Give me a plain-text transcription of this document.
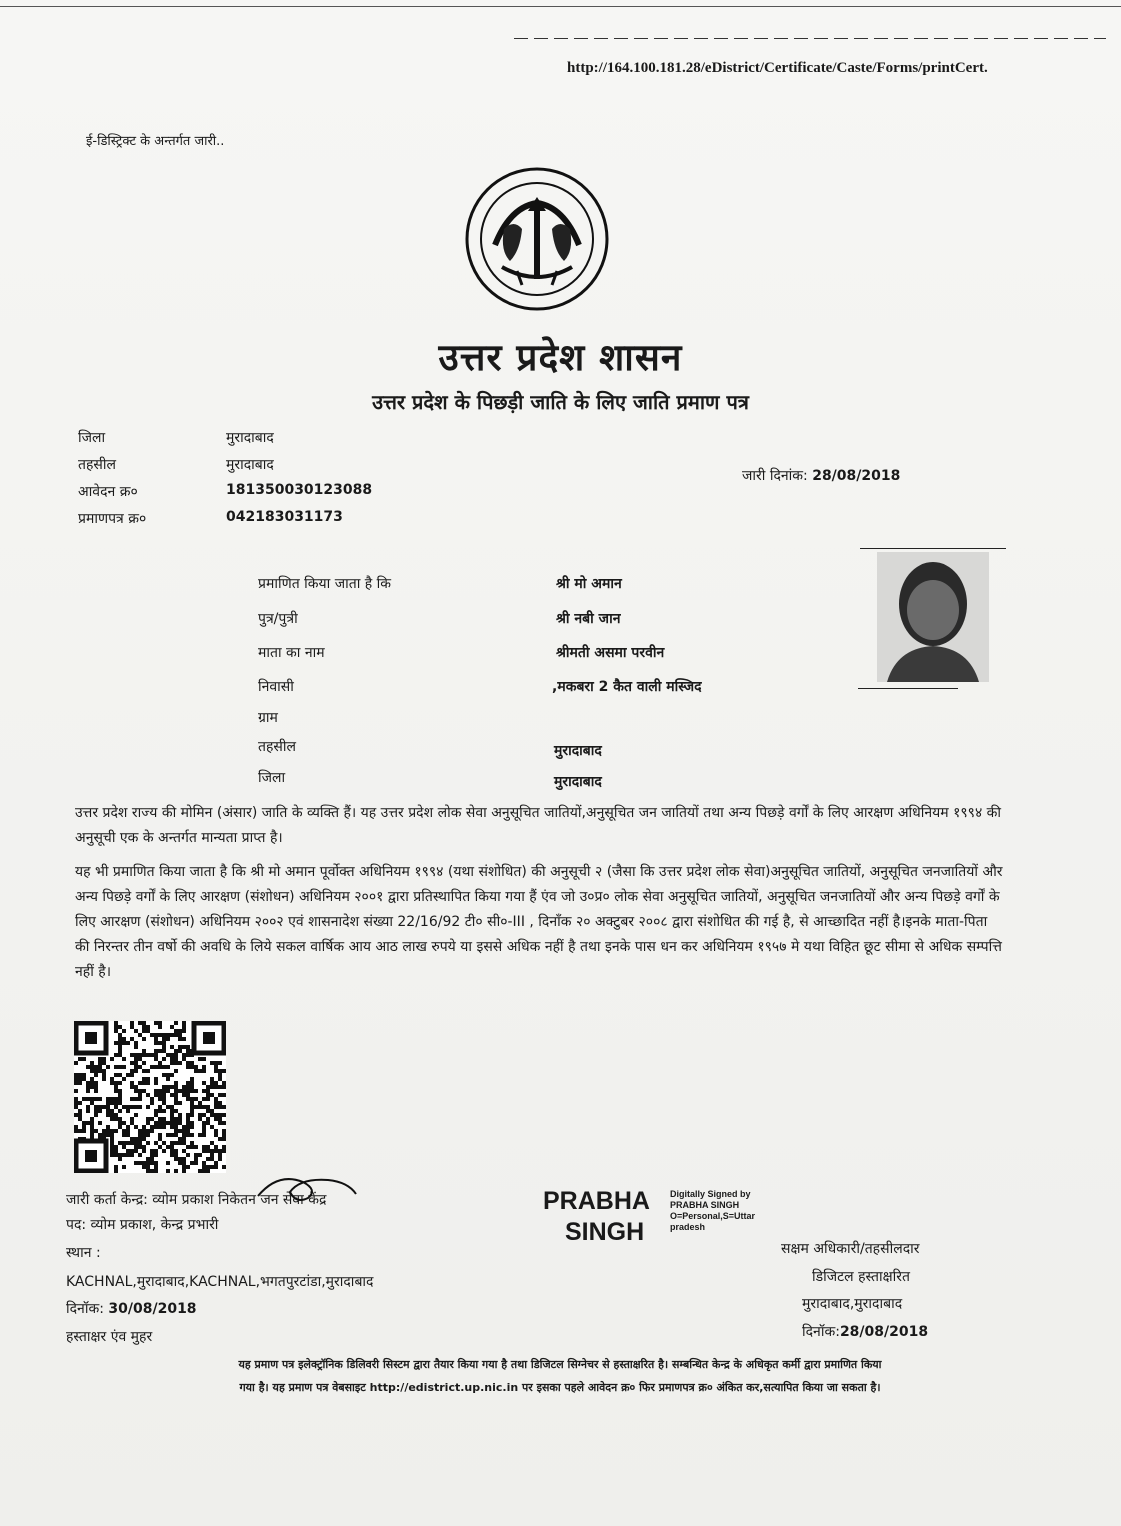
http://164.100.181.28/eDistrict/Certificate/Caste/Forms/printCert.
ई-डिस्ट्रिक्ट के अन्तर्गत जारी..
उत्तर प्रदेश शासन
उत्तर प्रदेश के पिछड़ी जाति के लिए जाति प्रमाण पत्र
जिला	मुरादाबाद
तहसील	मुरादाबाद
आवेदन क्र०	181350030123088
प्रमाणपत्र क्र०	042183031173
जारी दिनांक: 28/08/2018
प्रमाणित किया जाता है कि	श्री मो अमान
पुत्र/पुत्री	श्री नबी जान
माता का नाम	श्रीमती असमा परवीन
निवासी	,मकबरा 2 कैत वाली मस्जिद
ग्राम
तहसील	मुरादाबाद
जिला	मुरादाबाद
उत्तर प्रदेश राज्य की मोमिन (अंसार) जाति के व्यक्ति हैं। यह उत्तर प्रदेश लोक सेवा अनुसूचित जातियों,अनुसूचित जन जातियों तथा अन्य पिछड़े वर्गों के लिए आरक्षण अधिनियम १९९४ की अनुसूची एक के अन्तर्गत मान्यता प्राप्त है।
यह भी प्रमाणित किया जाता है कि श्री मो अमान पूर्वोक्त अधिनियम १९९४ (यथा संशोधित) की अनुसूची २ (जैसा कि उत्तर प्रदेश लोक सेवा)अनुसूचित जातियों, अनुसूचित जनजातियों और अन्य पिछड़े वर्गों के लिए आरक्षण (संशोधन) अधिनियम २००१ द्वारा प्रतिस्थापित किया गया हैं एंव जो उ०प्र० लोक सेवा अनुसूचित जातियों, अनुसूचित जनजातियों और अन्य पिछड़े वर्गों के लिए आरक्षण (संशोधन) अधिनियम २००२ एवं शासनादेश संख्या 22/16/92 टी० सी०-III , दिनाँक २० अक्टुबर २००८ द्वारा संशोधित की गई है, से आच्छादित नहीं है।इनके माता-पिता की निरन्तर तीन वर्षो की अवधि के लिये सकल वार्षिक आय आठ लाख रुपये या इससे अधिक नहीं है तथा इनके पास धन कर अधिनियम १९५७ मे यथा विहित छूट सीमा से अधिक सम्पत्ति नहीं है।
जारी कर्ता केन्द्र: व्योम प्रकाश निकेतन जन सेवा केंद्र
पद: व्योम प्रकाश, केन्द्र प्रभारी
स्थान :
KACHNAL,मुरादाबाद,KACHNAL,भगतपुरटांडा,मुरादाबाद
दिनॉक: 30/08/2018
हस्ताक्षर एंव मुहर
PRABHA
SINGH
Digitally Signed by PRABHA SINGH O=Personal,S=Uttar pradesh
सक्षम अधिकारी/तहसीलदार
डिजिटल हस्ताक्षरित
मुरादाबाद,मुरादाबाद
दिनॉक:28/08/2018
यह प्रमाण पत्र इलेक्ट्रॉनिक डिलिवरी सिस्टम द्वारा तैयार किया गया है तथा डिजिटल सिग्नेचर से हस्ताक्षरित है। सम्बन्धित केन्द्र के अधिकृत कर्मी द्वारा प्रमाणित किया
गया है। यह प्रमाण पत्र वेबसाइट http://edistrict.up.nic.in पर इसका पहले आवेदन क्र० फिर प्रमाणपत्र क्र० अंकित कर,सत्यापित किया जा सकता है।
